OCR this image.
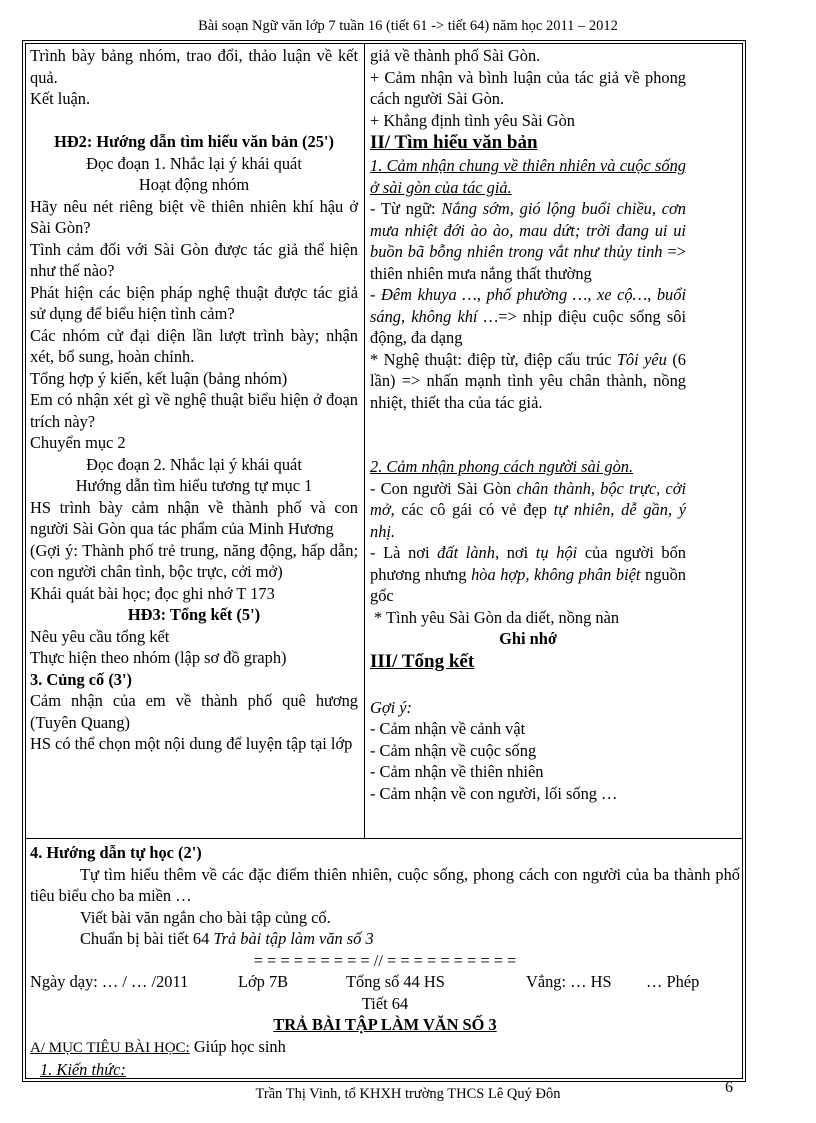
Bài soạn Ngữ văn lớp 7 tuần 16 (tiết 61 -> tiết 64) năm học 2011 – 2012

Trình bày bảng nhóm, trao đổi, thảo luận về kết quả.

Kết luận.

HĐ2: Hướng dẫn tìm hiểu văn bản (25')

Đọc đoạn 1. Nhắc lại ý khái quát

Hoạt động nhóm

Hãy nêu nét riêng biệt về thiên nhiên khí hậu ở Sài Gòn?

Tình cảm đối với Sài Gòn được tác giả thể hiện như thế nào?

Phát hiện các biện pháp nghệ thuật được tác giả sử dụng để biểu hiện tình cảm?

Các nhóm cử đại diện lần lượt trình bày; nhận xét, bổ sung, hoàn chỉnh.

Tổng hợp ý kiến, kết luận (bảng nhóm)

Em có nhận xét gì về nghệ thuật biểu hiện ở đoạn trích này?

Chuyển mục 2

Đọc đoạn 2. Nhắc lại ý khái quát

Hướng dẫn tìm hiểu tương tự mục 1

HS trình bày cảm nhận về thành phố và con người Sài Gòn qua tác phẩm của Minh Hương

(Gợi ý: Thành phố trẻ trung, năng động, hấp dẫn; con người chân tình, bộc trực, cởi mở)

Khái quát bài học; đọc ghi nhớ T 173

HĐ3: Tổng kết (5')

Nêu yêu cầu tổng kết

Thực hiện theo nhóm (lập sơ đồ graph)

3. Củng cố (3')

Cảm nhận của em về thành phố quê hương (Tuyên Quang)

HS có thể chọn một nội dung để luyện tập tại lớp

giả về thành phố Sài Gòn.

+ Cảm nhận và bình luận của tác giả về phong cách người Sài Gòn.

+ Khẳng định tình yêu Sài Gòn

II/ Tìm hiểu văn bản

1. Cảm nhận chung về thiên nhiên và cuộc sống ở sài gòn của tác giả.

- Từ ngữ: Nắng sớm, gió lộng buổi chiều, cơn mưa nhiệt đới ào ào, mau dứt; trời đang ui ui buồn bã bỗng nhiên trong vắt như thủy tinh => thiên nhiên mưa nắng thất thường

- Đêm khuya …, phố phường …, xe cộ…, buổi sáng, không khí …=> nhịp điệu cuộc sống sôi động, đa dạng

* Nghệ thuật: điệp từ, điệp cấu trúc Tôi yêu (6 lần) => nhấn mạnh tình yêu chân thành, nồng nhiệt, thiết tha của tác giả.

2. Cảm nhận phong cách người sài gòn.

- Con người Sài Gòn chân thành, bộc trực, cởi mở, các cô gái có vẻ đẹp tự nhiên, dễ gần, ý nhị.

- Là nơi đất lành, nơi tụ hội của người bốn phương nhưng hòa hợp, không phân biệt nguồn gốc

* Tình yêu Sài Gòn da diết, nồng nàn

Ghi nhớ

III/ Tổng kết

Gợi ý:

- Cảm nhận về cảnh vật

- Cảm nhận về cuộc sống

- Cảm nhận về thiên nhiên

- Cảm nhận về con người, lối sống …

4. Hướng dẫn tự học (2')

Tự tìm hiểu thêm về các đặc điểm thiên nhiên, cuộc sống, phong cách con người của ba thành phố tiêu biểu cho ba miền …

Viết bài văn ngắn cho bài tập củng cố.

Chuẩn bị bài tiết 64 Trả bài tập làm văn số 3

= = = = = = = = = // = = = = = = = = = =

Ngày dạy: … / … /2011	Lớp 7B	Tổng số 44 HS	Vắng: … HS	… Phép

Tiết 64

TRẢ BÀI TẬP LÀM VĂN SỐ 3

A/ MỤC TIÊU BÀI HỌC: Giúp học sinh

1. Kiến thức:

Trần Thị Vinh, tổ KHXH trường THCS Lê Quý Đôn	6
